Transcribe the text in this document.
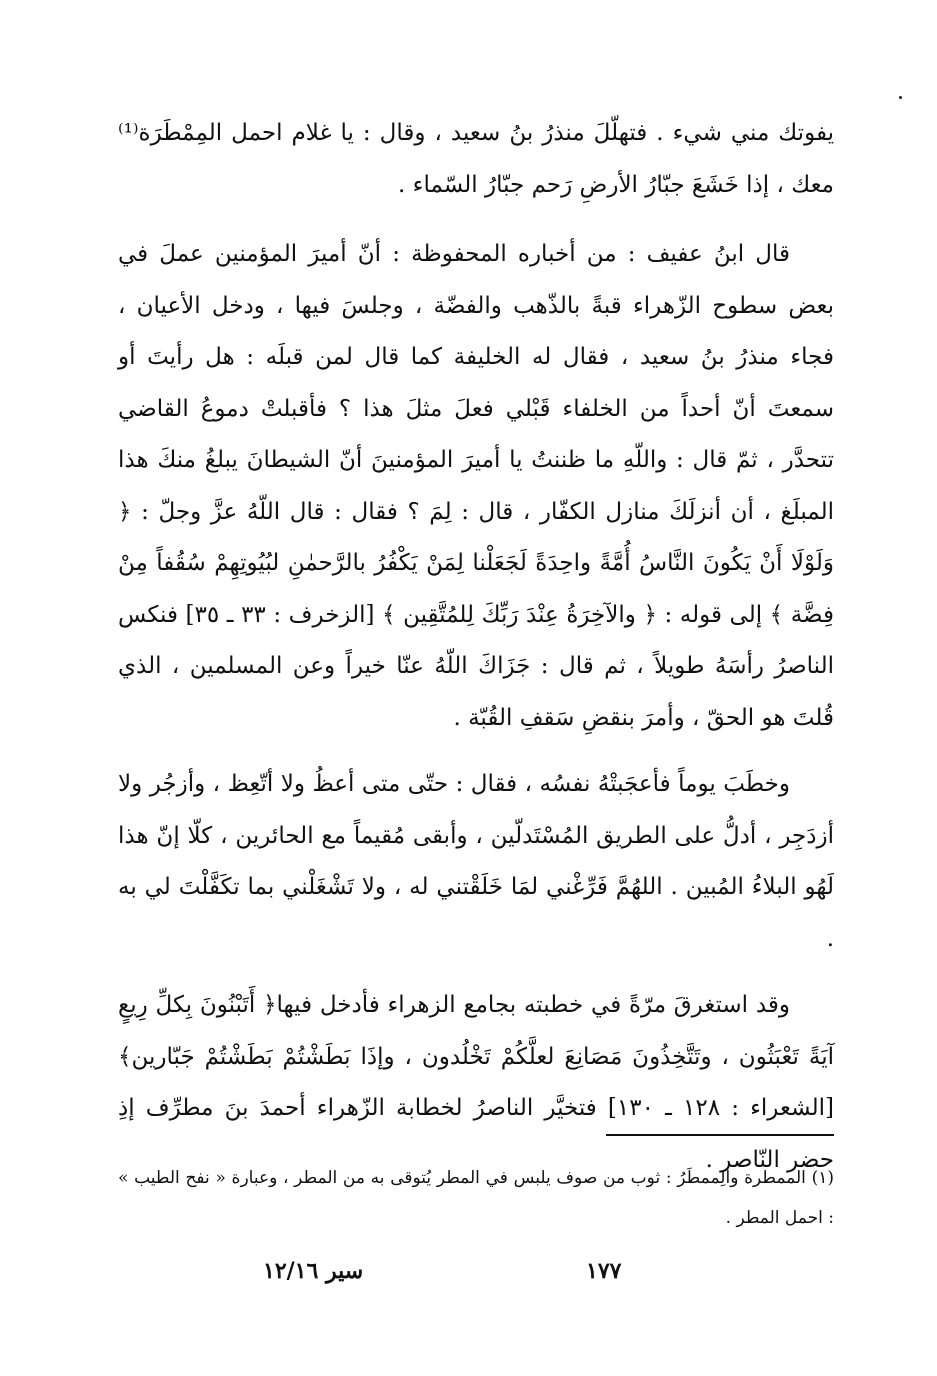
يفوتك مني شيء . فتهلّلَ منذرُ بنُ سعيد ، وقال : يا غلام احمل المِمْطَرَة⁽¹⁾ معك ، إذا خَشَعَ جبّارُ الأرضِ رَحم جبّارُ السّماء .

قال ابنُ عفيف : من أخباره المحفوظة : أنّ أميرَ المؤمنين عملَ في بعض سطوح الزّهراء قبةً بالذّهب والفضّة ، وجلسَ فيها ، ودخل الأعيان ، فجاء منذرُ بنُ سعيد ، فقال له الخليفة كما قال لمن قبلَه : هل رأيتَ أو سمعتَ أنّ أحداً من الخلفاء قَبْلي فعلَ مثلَ هذا ؟ فأقبلتْ دموعُ القاضي تتحدَّر ، ثمّ قال : واللّهِ ما ظننتُ يا أميرَ المؤمنينَ أنّ الشيطانَ يبلغُ منكَ هذا المبلَغ ، أن أنزلَكَ منازل الكفّار ، قال : لِمَ ؟ فقال : قال اللّهُ عزَّ وجلّ : ﴿ وَلَوْلَا أَنْ يَكُونَ النَّاسُ أُمَّةً واحِدَةً لَجَعَلْنا لِمَنْ يَكْفُرُ بالرَّحمٰنِ لبُيُوتِهِمْ سُقُفاً مِنْ فِضَّة ﴾ إلى قوله : ﴿ والآخِرَةُ عِنْدَ رَبِّكَ لِلمُتَّقِين ﴾ [الزخرف : ٣٣ ـ ٣٥] فنكس الناصرُ رأسَهُ طويلاً ، ثم قال : جَزَاكَ اللّهُ عنّا خيراً وعن المسلمين ، الذي قُلتَ هو الحقّ ، وأمرَ بنقضِ سَقفِ القُبّة .

وخطَبَ يوماً فأعجَبتْهُ نفسُه ، فقال : حتّى متى أعظُ ولا أتّعِظ ، وأزجُر ولا أزدَجِر ، أدلُّ على الطريق المُسْتَدلّين ، وأبقى مُقيماً مع الحائرين ، كلّا إنّ هذا لَهُو البلاءُ المُبين . اللهُمَّ فَرِّغْني لمَا خَلَقْتني له ، ولا تَشْغَلْني بما تكَفَّلْتَ لي به .

وقد استغرقَ مرّةً في خطبته بجامع الزهراء فأدخل فيها﴿ أَتَبْنُونَ بِكلِّ رِيعٍ آيَةً تَعْبَثُون ، وتَتَّخِذُونَ مَصَانِعَ لعلَّكُمْ تَخْلُدون ، وإذَا بَطَشْتُمْ بَطَشْتُمْ جَبّارين﴾ [الشعراء : ١٢٨ ـ ١٣٠] فتخيَّر الناصرُ لخطابة الزّهراء أحمدَ بنَ مطرِّف إذِ حضر النّاصر .

(١) الممطرة والِممطَرُ : ثوب من صوف يلبس في المطر يُتوقى به من المطر ، وعبارة « نفح الطيب » : احمل المطر .

١٧٧
سير ١٢/١٦
